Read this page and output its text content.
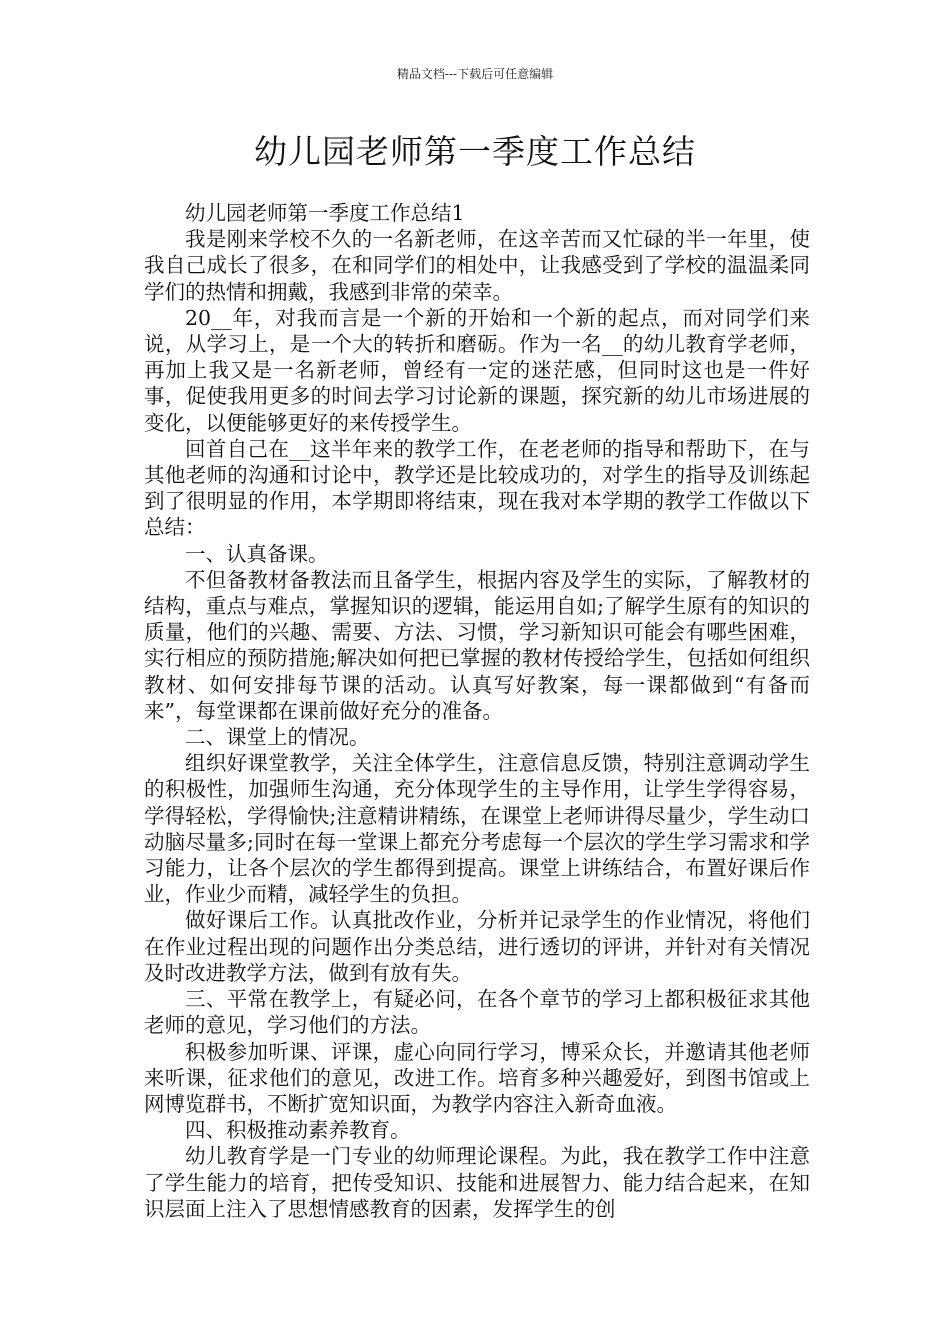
精品文档---下载后可任意编辑
幼儿园老师第一季度工作总结

幼儿园老师第一季度工作总结1

我是刚来学校不久的一名新老师，在这辛苦而又忙碌的半一年里，使我自己成长了很多，在和同学们的相处中，让我感受到了学校的温温柔同学们的热情和拥戴，我感到非常的荣幸。

20__年，对我而言是一个新的开始和一个新的起点，而对同学们来说，从学习上，是一个大的转折和磨砺。作为一名__的幼儿教育学老师，再加上我又是一名新老师，曾经有一定的迷茫感，但同时这也是一件好事，促使我用更多的时间去学习讨论新的课题，探究新的幼儿市场进展的变化，以便能够更好的来传授学生。

回首自己在__这半年来的教学工作，在老老师的指导和帮助下，在与其他老师的沟通和讨论中，教学还是比较成功的，对学生的指导及训练起到了很明显的作用，本学期即将结束，现在我对本学期的教学工作做以下总结：

一、认真备课。

不但备教材备教法而且备学生，根据内容及学生的实际，了解教材的结构，重点与难点，掌握知识的逻辑，能运用自如;了解学生原有的知识的质量，他们的兴趣、需要、方法、习惯，学习新知识可能会有哪些困难，实行相应的预防措施;解决如何把已掌握的教材传授给学生，包括如何组织教材、如何安排每节课的活动。认真写好教案，每一课都做到“有备而来”，每堂课都在课前做好充分的准备。

二、课堂上的情况。

组织好课堂教学，关注全体学生，注意信息反馈，特别注意调动学生的积极性，加强师生沟通，充分体现学生的主导作用，让学生学得容易，学得轻松，学得愉快;注意精讲精练，在课堂上老师讲得尽量少，学生动口动脑尽量多;同时在每一堂课上都充分考虑每一个层次的学生学习需求和学习能力，让各个层次的学生都得到提高。课堂上讲练结合，布置好课后作业，作业少而精，减轻学生的负担。

做好课后工作。认真批改作业，分析并记录学生的作业情况，将他们在作业过程出现的问题作出分类总结，进行透切的评讲，并针对有关情况及时改进教学方法，做到有放有失。

三、平常在教学上，有疑必问，在各个章节的学习上都积极征求其他老师的意见，学习他们的方法。

积极参加听课、评课，虚心向同行学习，博采众长，并邀请其他老师来听课，征求他们的意见，改进工作。培育多种兴趣爱好，到图书馆或上网博览群书，不断扩宽知识面，为教学内容注入新奇血液。

四、积极推动素养教育。

幼儿教育学是一门专业的幼师理论课程。为此，我在教学工作中注意了学生能力的培育，把传受知识、技能和进展智力、能力结合起来，在知识层面上注入了思想情感教育的因素，发挥学生的创
